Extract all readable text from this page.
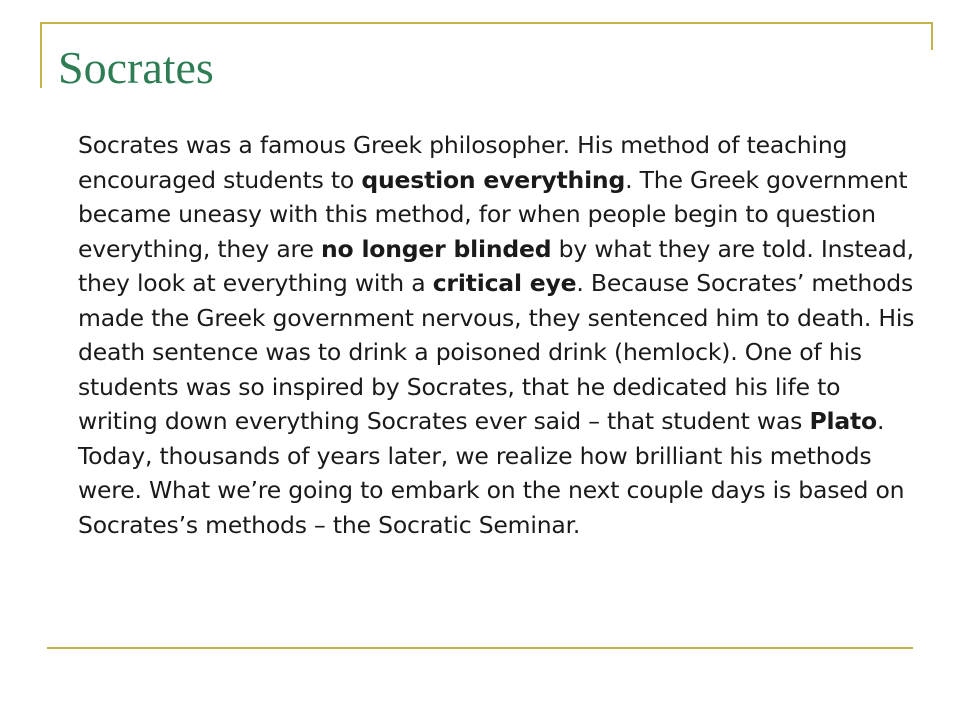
Socrates

Socrates was a famous Greek philosopher. His method of teaching encouraged students to question everything. The Greek government became uneasy with this method, for when people begin to question everything, they are no longer blinded by what they are told. Instead, they look at everything with a critical eye. Because Socrates’ methods made the Greek government nervous, they sentenced him to death. His death sentence was to drink a poisoned drink (hemlock). One of his students was so inspired by Socrates, that he dedicated his life to writing down everything Socrates ever said – that student was Plato. Today, thousands of years later, we realize how brilliant his methods were. What we’re going to embark on the next couple days is based on Socrates’s methods – the Socratic Seminar.
